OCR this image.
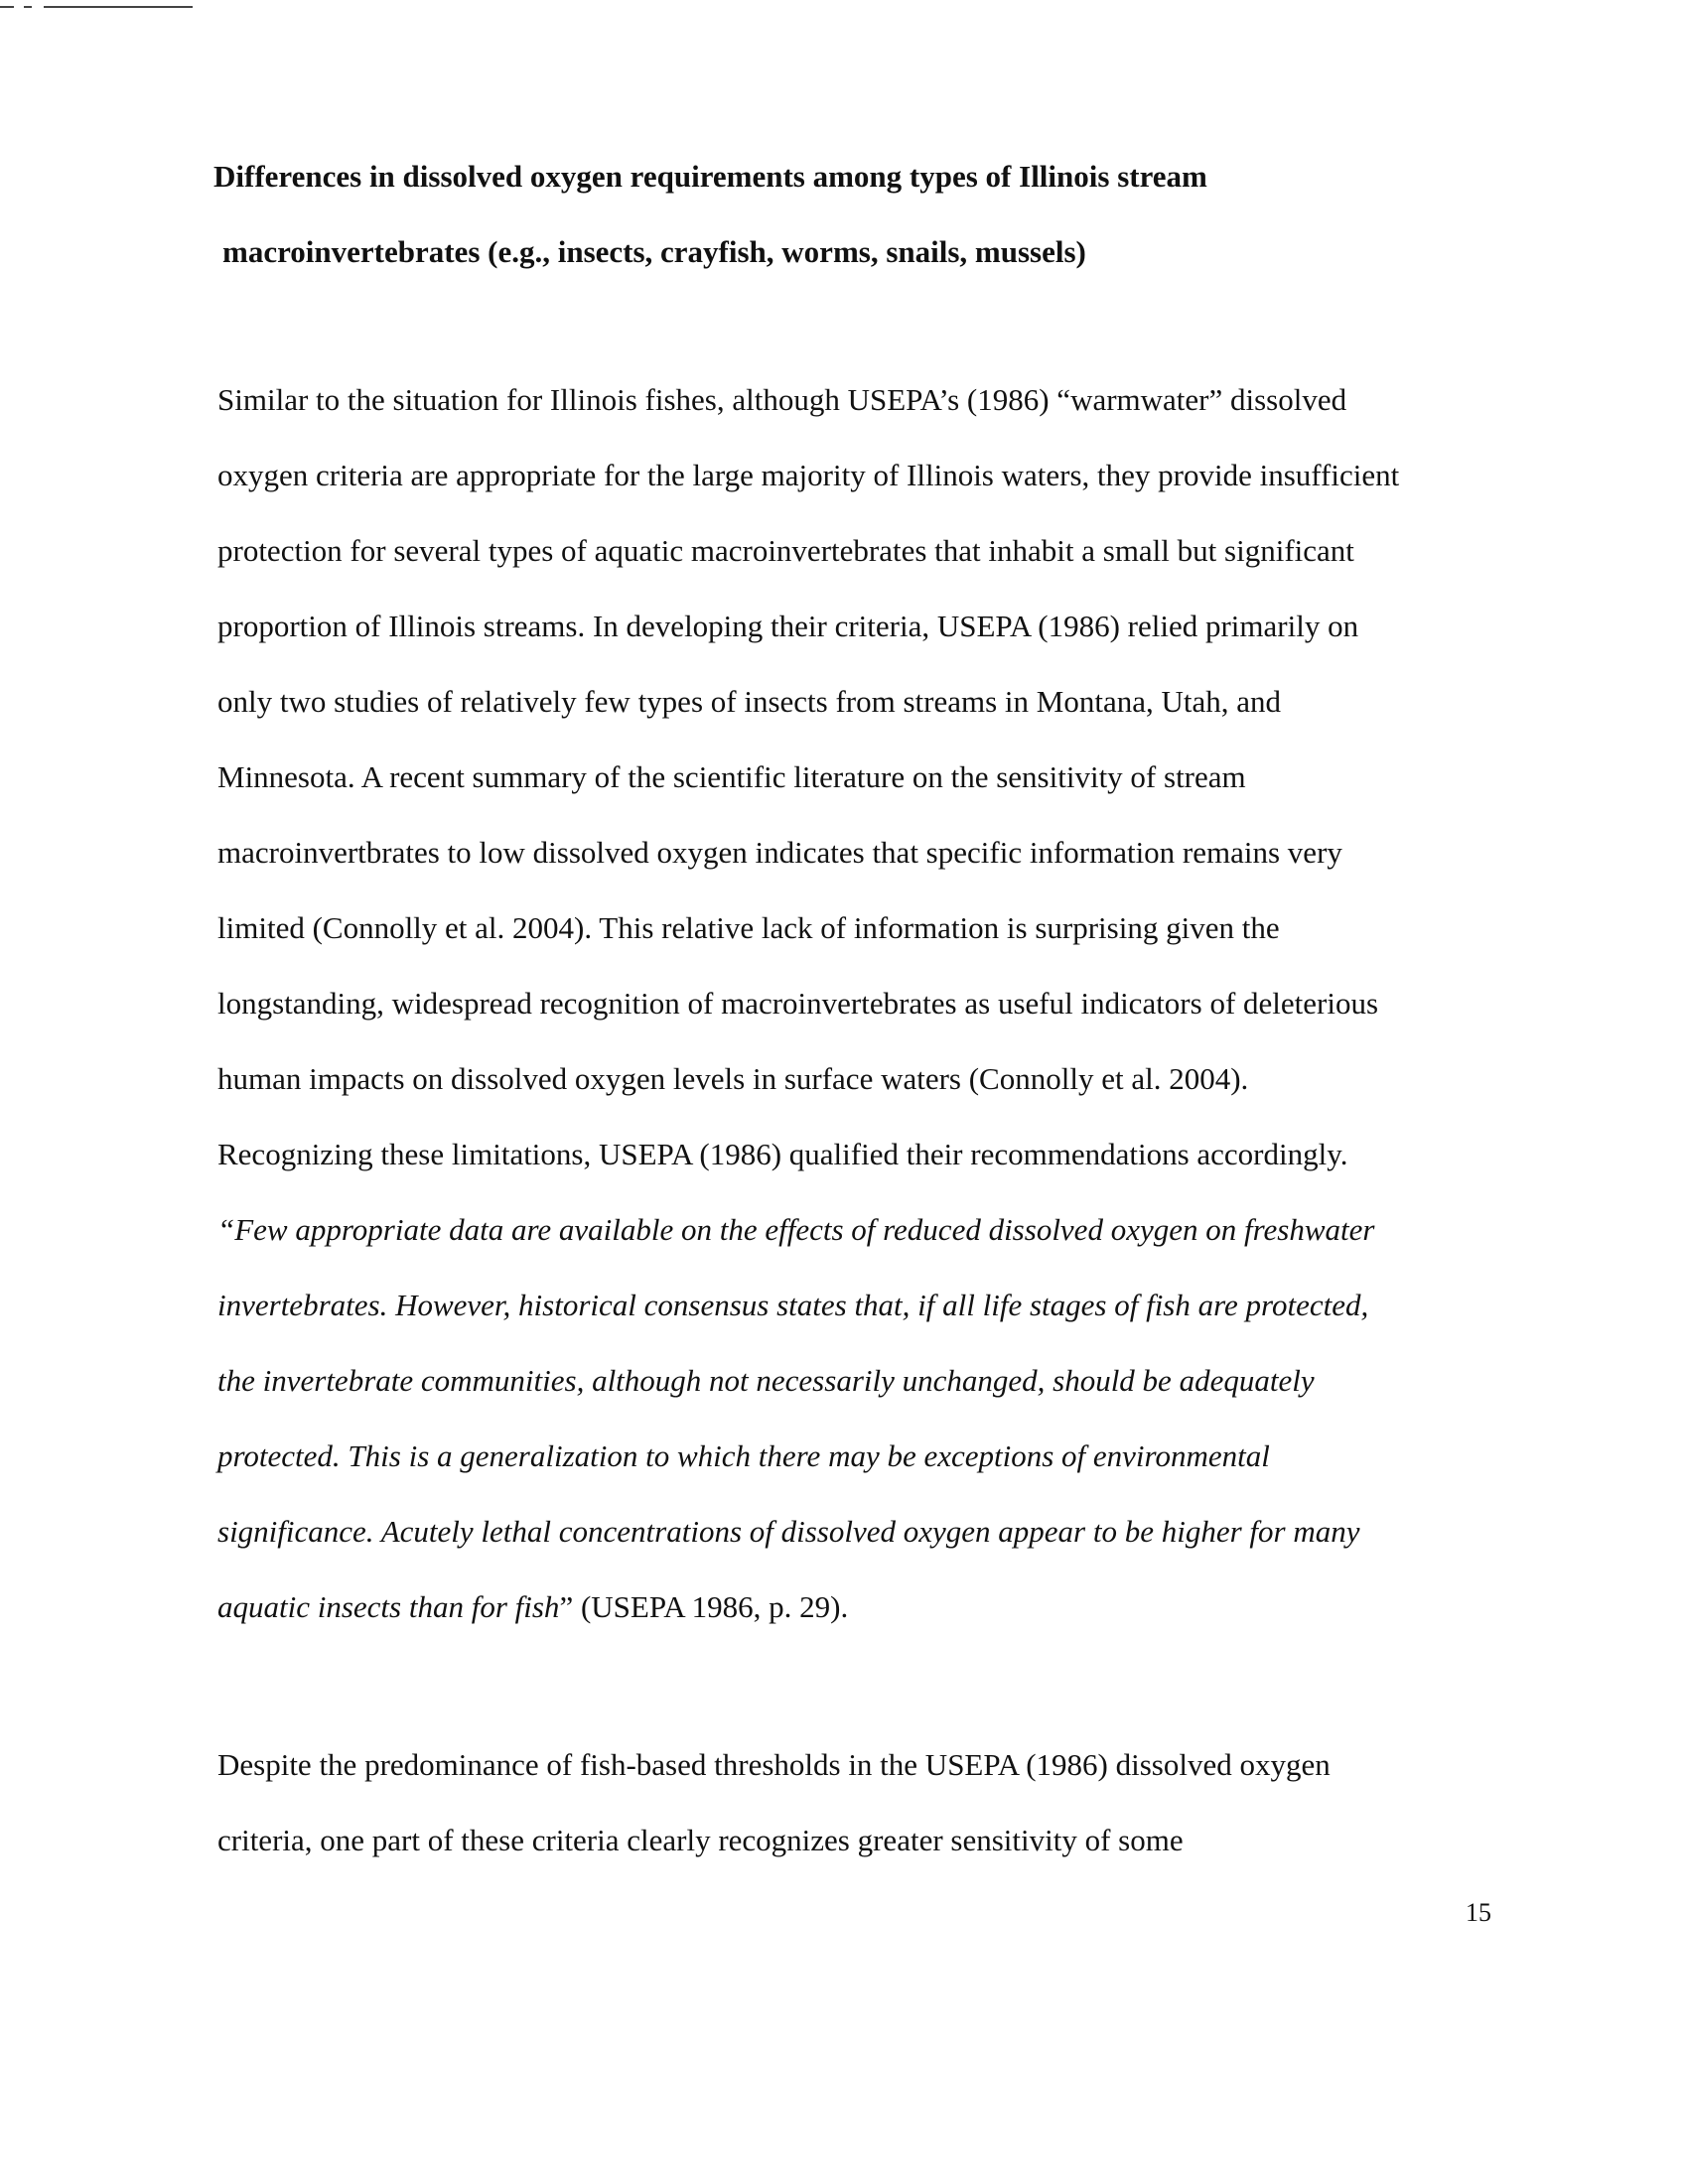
Differences in dissolved oxygen requirements among types of Illinois stream
macroinvertebrates (e.g., insects, crayfish, worms, snails, mussels)
Similar to the situation for Illinois fishes, although USEPA’s (1986) “warmwater” dissolved
oxygen criteria are appropriate for the large majority of Illinois waters, they provide insufficient
protection for several types of aquatic macroinvertebrates that inhabit a small but significant
proportion of Illinois streams. In developing their criteria, USEPA (1986) relied primarily on
only two studies of relatively few types of insects from streams in Montana, Utah, and
Minnesota. A recent summary of the scientific literature on the sensitivity of stream
macroinvertbrates to low dissolved oxygen indicates that specific information remains very
limited (Connolly et al. 2004). This relative lack of information is surprising given the
longstanding, widespread recognition of macroinvertebrates as useful indicators of deleterious
human impacts on dissolved oxygen levels in surface waters (Connolly et al. 2004).
Recognizing these limitations, USEPA (1986) qualified their recommendations accordingly.
“Few appropriate data are available on the effects of reduced dissolved oxygen on freshwater
invertebrates. However, historical consensus states that, if all life stages of fish are protected,
the invertebrate communities, although not necessarily unchanged, should be adequately
protected. This is a generalization to which there may be exceptions of environmental
significance. Acutely lethal concentrations of dissolved oxygen appear to be higher for many
aquatic insects than for fish” (USEPA 1986, p. 29).
Despite the predominance of fish-based thresholds in the USEPA (1986) dissolved oxygen
criteria, one part of these criteria clearly recognizes greater sensitivity of some
15
